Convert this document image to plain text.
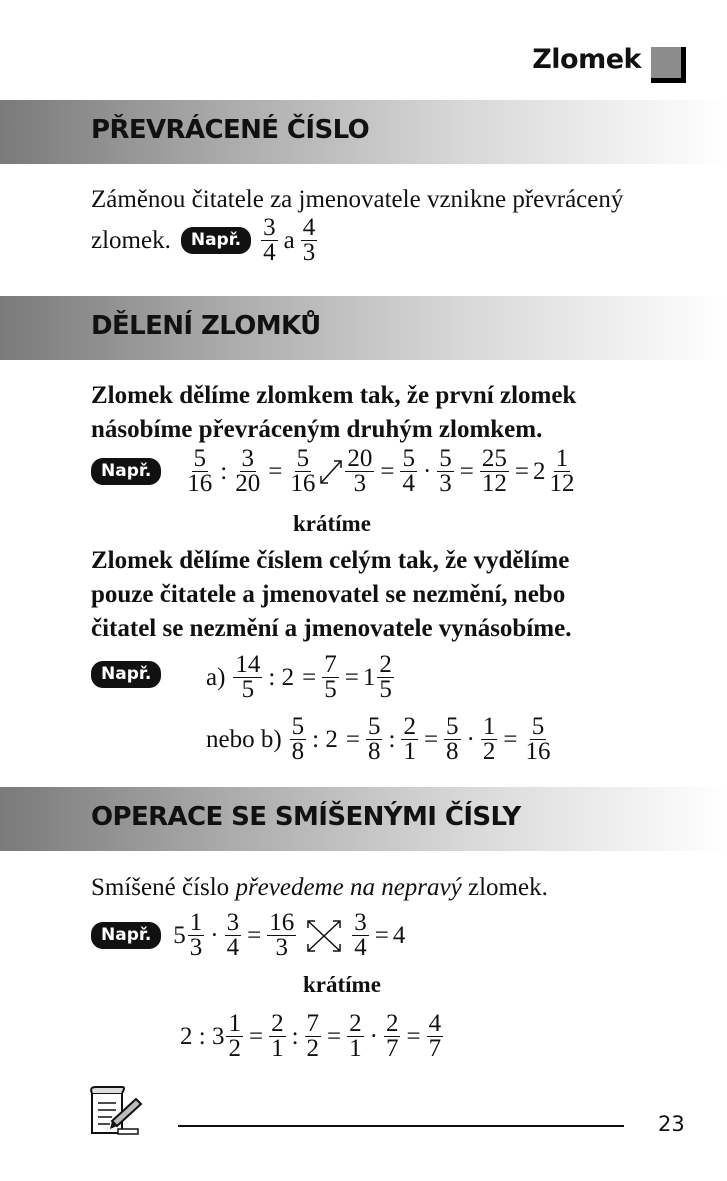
Zlomek
PŘEVRÁCENÉ ČÍSLO
Záměnou čitatele za jmenovatele vznikne převrácený
zlomek.	Např. $\frac{3}{4}$ a $\frac{4}{3}$
DĚLENÍ ZLOMKŮ
Zlomek dělíme zlomkem tak, že první zlomek
násobíme převráceným druhým zlomkem.
Např.	$\frac{5}{16}$ : $\frac{3}{20} = \frac{5}{16} \frac{20}{3} = \frac{5}{4} \cdot \frac{5}{3} = \frac{25}{12} = 2 \frac{1}{12}$
krátíme
Zlomek dělíme číslem celým tak, že vydělíme
pouze čitatele a jmenovatel se nezmění, nebo
čitatel se nezmění a jmenovatele vynásobíme.
Např.	$a) \frac{14}{5}$ : $2 = \frac{7}{5} = 1 \frac{2}{5}$
nebo $b) \frac{5}{8}$ : $2 = \frac{5}{8}$ : $\frac{2}{1} = \frac{5}{8} \cdot \frac{1}{2} = \frac{5}{16}$
OPERACE SE SMÍŠENÝMI ČÍSLY
Smíšené číslo převedeme na nepravý zlomek.
Např. $5 \frac{1}{3} \cdot \frac{3}{4} = \frac{16}{3} \frac{3}{4} = 4$
krátíme
2 : $3 \frac{1}{2} = \frac{2}{1}$ : $\frac{7}{2} = \frac{2}{1} \cdot \frac{2}{7} = \frac{4}{7}$
23
